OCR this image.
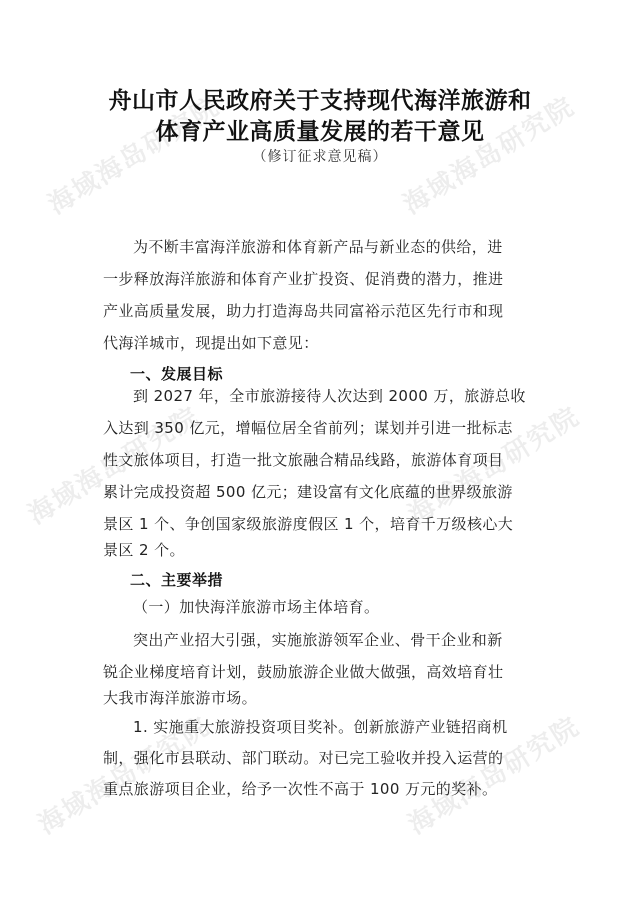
海域海岛研究院	海域海岛研究院
海域海岛研究院	海域海岛研究院
海域海岛研究院	海域海岛研究院
舟山市人民政府关于支持现代海洋旅游和
体育产业高质量发展的若干意见
（修订征求意见稿）
为不断丰富海洋旅游和体育新产品与新业态的供给，进
一步释放海洋旅游和体育产业扩投资、促消费的潜力，推进
产业高质量发展，助力打造海岛共同富裕示范区先行市和现
代海洋城市，现提出如下意见：
一、发展目标
到 2027 年，全市旅游接待人次达到 2000 万，旅游总收
入达到 350 亿元，增幅位居全省前列；谋划并引进一批标志
性文旅体项目，打造一批文旅融合精品线路，旅游体育项目
累计完成投资超 500 亿元；建设富有文化底蕴的世界级旅游
景区 1 个、争创国家级旅游度假区 1 个，培育千万级核心大
景区 2 个。
二、主要举措
（一）加快海洋旅游市场主体培育。
突出产业招大引强，实施旅游领军企业、骨干企业和新
锐企业梯度培育计划，鼓励旅游企业做大做强，高效培育壮
大我市海洋旅游市场。
1. 实施重大旅游投资项目奖补。创新旅游产业链招商机
制，强化市县联动、部门联动。对已完工验收并投入运营的
重点旅游项目企业，给予一次性不高于 100 万元的奖补。
